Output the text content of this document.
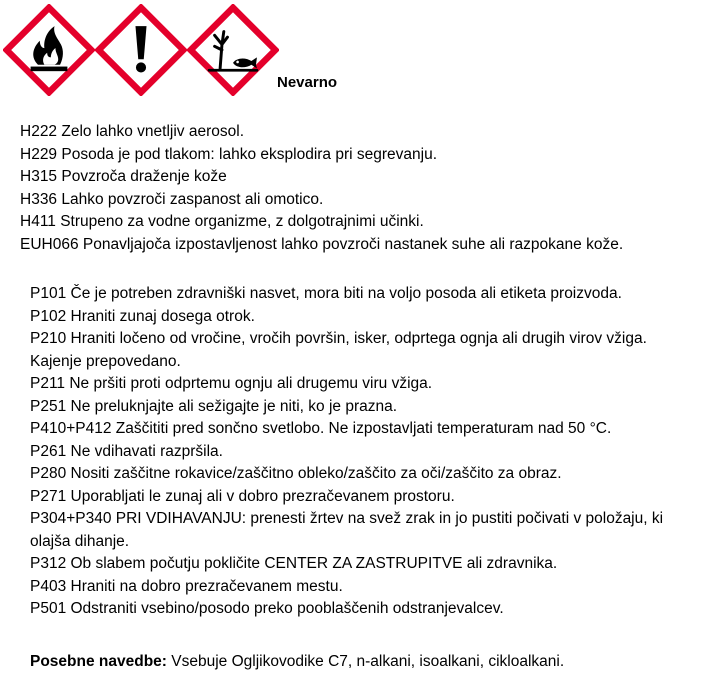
Nevarno
H222 Zelo lahko vnetljiv aerosol.
H229 Posoda je pod tlakom: lahko eksplodira pri segrevanju.
H315 Povzroča draženje kože
H336 Lahko povzroči zaspanost ali omotico.
H411 Strupeno za vodne organizme, z dolgotrajnimi učinki.
EUH066 Ponavljajoča izpostavljenost lahko povzroči nastanek suhe ali razpokane kože.
P101 Če je potreben zdravniški nasvet, mora biti na voljo posoda ali etiketa proizvoda.
P102 Hraniti zunaj dosega otrok.
P210 Hraniti ločeno od vročine, vročih površin, isker, odprtega ognja ali drugih virov vžiga.
Kajenje prepovedano.
P211 Ne pršiti proti odprtemu ognju ali drugemu viru vžiga.
P251 Ne preluknjajte ali sežigajte je niti, ko je prazna.
P410+P412 Zaščititi pred sončno svetlobo. Ne izpostavljati temperaturam nad 50 °C.
P261 Ne vdihavati razpršila.
P280 Nositi zaščitne rokavice/zaščitno obleko/zaščito za oči/zaščito za obraz.
P271 Uporabljati le zunaj ali v dobro prezračevanem prostoru.
P304+P340 PRI VDIHAVANJU: prenesti žrtev na svež zrak in jo pustiti počivati v položaju, ki
olajša dihanje.
P312 Ob slabem počutju pokličite CENTER ZA ZASTRUPITVE ali zdravnika.
P403 Hraniti na dobro prezračevanem mestu.
P501 Odstraniti vsebino/posodo preko pooblaščenih odstranjevalcev.
Posebne navedbe: Vsebuje Ogljikovodike C7, n-alkani, isoalkani, cikloalkani.
